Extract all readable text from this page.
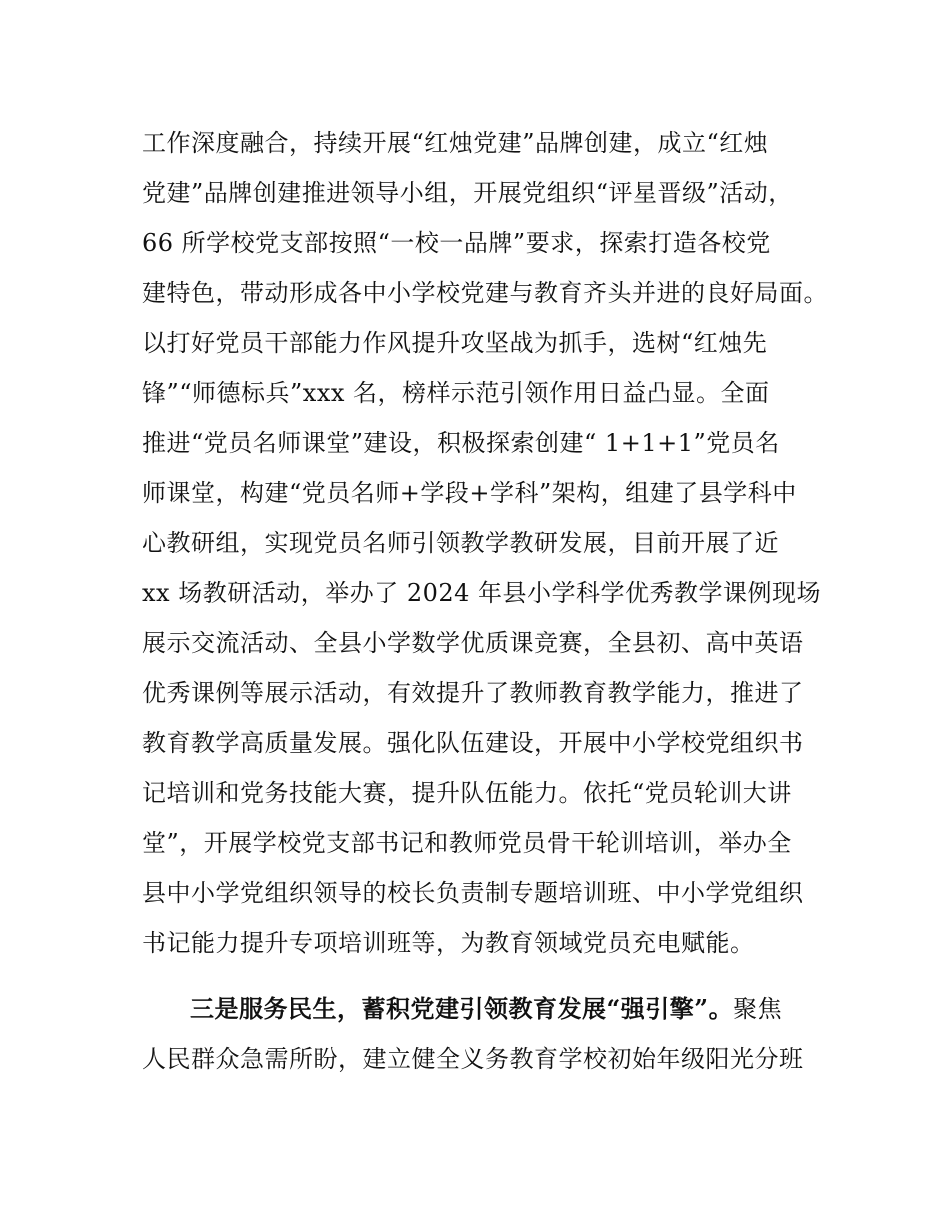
工作深度融合，持续开展“红烛党建”品牌创建，成立“红烛
党建”品牌创建推进领导小组，开展党组织“评星晋级”活动，
66 所学校党支部按照“一校一品牌”要求，探索打造各校党
建特色，带动形成各中小学校党建与教育齐头并进的良好局面。
以打好党员干部能力作风提升攻坚战为抓手，选树“红烛先
锋”“师德标兵”xxx 名，榜样示范引领作用日益凸显。全面
推进“党员名师课堂”建设，积极探索创建“ 1+1+1”党员名
师课堂，构建“党员名师+学段+学科”架构，组建了县学科中
心教研组，实现党员名师引领教学教研发展，目前开展了近
xx 场教研活动，举办了 2024 年县小学科学优秀教学课例现场
展示交流活动、全县小学数学优质课竞赛，全县初、高中英语
优秀课例等展示活动，有效提升了教师教育教学能力，推进了
教育教学高质量发展。强化队伍建设，开展中小学校党组织书
记培训和党务技能大赛，提升队伍能力。依托“党员轮训大讲
堂”，开展学校党支部书记和教师党员骨干轮训培训，举办全
县中小学党组织领导的校长负责制专题培训班、中小学党组织
书记能力提升专项培训班等，为教育领域党员充电赋能。
三是服务民生，蓄积党建引领教育发展“强引擎”。聚焦
人民群众急需所盼，建立健全义务教育学校初始年级阳光分班
